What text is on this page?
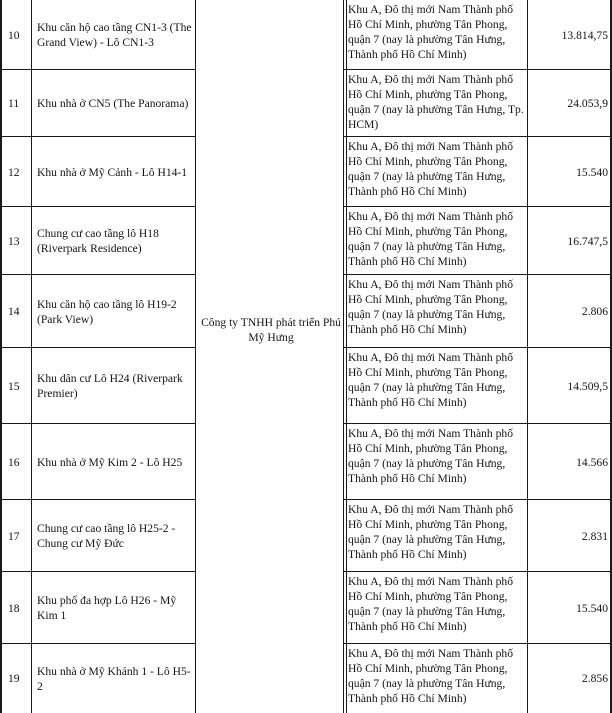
Công ty TNHH phát triển Phú Mỹ Hưng
10
Khu căn hộ cao tầng CN1-3 (The Grand View) - Lô CN1-3
Khu A, Đô thị mới Nam Thành phố Hồ Chí Minh, phường Tân Phong, quận 7 (nay là phường Tân Hưng, Thành phố Hồ Chí Minh)
13.814,75
11 Khu nhà ở CN5 (The Panorama)
Khu A, Đô thị mới Nam Thành phố Hồ Chí Minh, phường Tân Phong, quận 7 (nay là phường Tân Hưng, Tp. HCM)
24.053,9
12 Khu nhà ở Mỹ Cảnh - Lô H14-1
Khu A, Đô thị mới Nam Thành phố Hồ Chí Minh, phường Tân Phong, quận 7 (nay là phường Tân Hưng, Thành phố Hồ Chí Minh)
15.540
13
Chung cư cao tầng lô H18 (Riverpark Residence)
Khu A, Đô thị mới Nam Thành phố Hồ Chí Minh, phường Tân Phong, quận 7 (nay là phường Tân Hưng, Thành phố Hồ Chí Minh)
16.747,5
14
Khu căn hộ cao tầng lô H19-2 (Park View)
Khu A, Đô thị mới Nam Thành phố Hồ Chí Minh, phường Tân Phong, quận 7 (nay là phường Tân Hưng, Thành phố Hồ Chí Minh)
2.806
15
Khu dân cư Lô H24 (Riverpark Premier)
Khu A, Đô thị mới Nam Thành phố Hồ Chí Minh, phường Tân Phong, quận 7 (nay là phường Tân Hưng, Thành phố Hồ Chí Minh)
14.509,5
16 Khu nhà ở Mỹ Kim 2 - Lô H25
Khu A, Đô thị mới Nam Thành phố Hồ Chí Minh, phường Tân Phong, quận 7 (nay là phường Tân Hưng, Thành phố Hồ Chí Minh)
14.566
17
Chung cư cao tầng lô H25-2 - Chung cư Mỹ Đức
Khu A, Đô thị mới Nam Thành phố Hồ Chí Minh, phường Tân Phong, quận 7 (nay là phường Tân Hưng, Thành phố Hồ Chí Minh)
2.831
18
Khu phố đa hợp Lô H26 - Mỹ Kim 1
Khu A, Đô thị mới Nam Thành phố Hồ Chí Minh, phường Tân Phong, quận 7 (nay là phường Tân Hưng, Thành phố Hồ Chí Minh)
15.540
19
Khu nhà ở Mỹ Khánh 1 - Lô H5-2
Khu A, Đô thị mới Nam Thành phố Hồ Chí Minh, phường Tân Phong, quận 7 (nay là phường Tân Hưng, Thành phố Hồ Chí Minh)
2.856
